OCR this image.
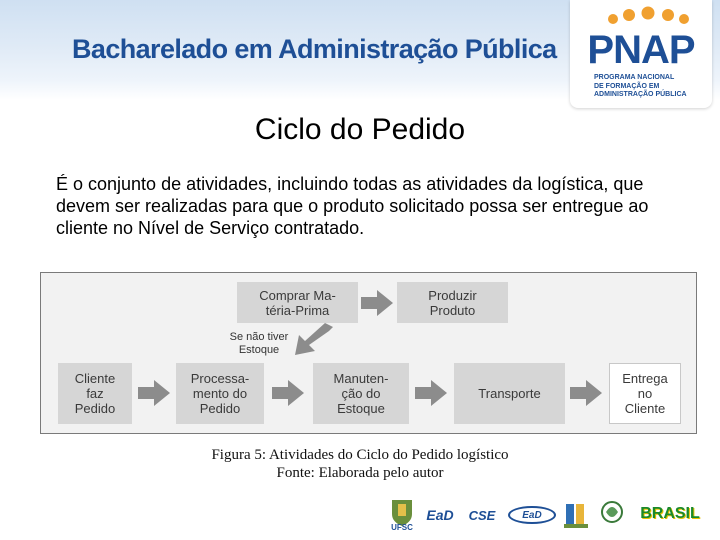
Bacharelado em Administração Pública PNAP
PROGRAMA NACIONAL
DE FORMAÇÃO EM
ADMINISTRAÇÃO PÚBLICA
Ciclo do Pedido
É o conjunto de atividades, incluindo todas as atividades da logística, que devem ser realizadas para que o produto solicitado possa ser entregue ao cliente no Nível de Serviço contratado.
Comprar Ma-
téria-Prima
Produzir
Produto
Se não tiver
Estoque
Cliente
faz
Pedido
Processa-
mento do
Pedido
Manuten-
ção do
Estoque
Transporte
Entrega
no
Cliente
Figura 5: Atividades do Ciclo do Pedido logístico
Fonte: Elaborada pelo autor
UFSC
EaD	CSE	EaD	BRASIL
